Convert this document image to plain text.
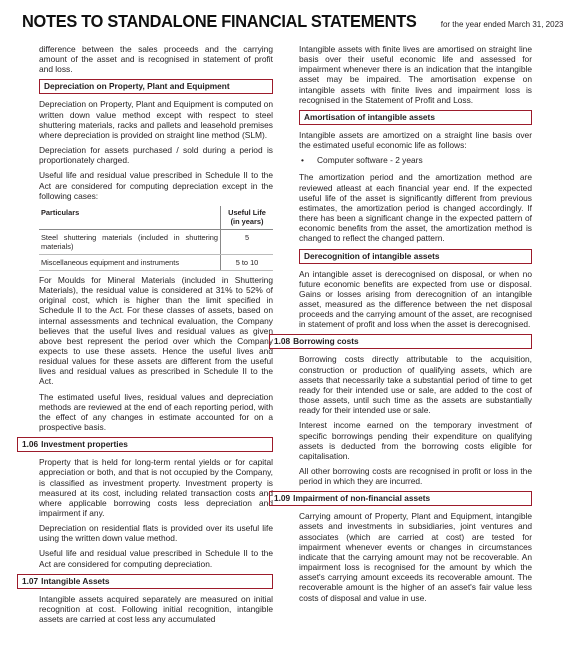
NOTES TO STANDALONE FINANCIAL STATEMENTS	for the year ended March 31, 2023

difference between the sales proceeds and the carrying amount of the asset and is recognised in statement of profit and loss.

Depreciation on Property, Plant and Equipment

Depreciation on Property, Plant and Equipment is computed on written down value method except with respect to steel shuttering materials, racks and pallets and leasehold premises where depreciation is provided on straight line method (SLM).

Depreciation for assets purchased / sold during a period is proportionately charged.

Useful life and residual value prescribed in Schedule II to the Act are considered for computing depreciation except in the following cases:

Particulars	Useful Life (in years)
Steel shuttering materials (included in shuttering materials)	5
Miscellaneous equipment and instruments	5 to 10

For Moulds for Mineral Materials (included in Shuttering Materials), the residual value is considered at 31% to 52% of original cost, which is higher than the limit specified in Schedule II to the Act. For these classes of assets, based on internal assessments and technical evaluation, the Company believes that the useful lives and residual values as given above best represent the period over which the Company expects to use these assets. Hence the useful lives and residual values for these assets are different from the useful lives and residual values as prescribed in Schedule II to the Act.

The estimated useful lives, residual values and depreciation methods are reviewed at the end of each reporting period, with the effect of any changes in estimate accounted for on a prospective basis.

1.06 Investment properties

Property that is held for long-term rental yields or for capital appreciation or both, and that is not occupied by the Company, is classified as investment property. Investment property is measured at its cost, including related transaction costs and where applicable borrowing costs less depreciation and impairment if any.

Depreciation on residential flats is provided over its useful life using the written down value method.

Useful life and residual value prescribed in Schedule II to the Act are considered for computing depreciation.

1.07 Intangible Assets

Intangible assets acquired separately are measured on initial recognition at cost. Following initial recognition, intangible assets are carried at cost less any accumulated

Intangible assets with finite lives are amortised on straight line basis over their useful economic life and assessed for impairment whenever there is an indication that the intangible asset may be impaired. The amortisation expense on intangible assets with finite lives and impairment loss is recognised in the Statement of Profit and Loss.

Amortisation of intangible assets

Intangible assets are amortized on a straight line basis over the estimated useful economic life as follows:

• Computer software - 2 years

The amortization period and the amortization method are reviewed atleast at each financial year end. If the expected useful life of the asset is significantly different from previous estimates, the amortization period is changed accordingly. If there has been a significant change in the expected pattern of economic benefits from the asset, the amortization method is changed to reflect the changed pattern.

Derecognition of intangible assets

An intangible asset is derecognised on disposal, or when no future economic benefits are expected from use or disposal. Gains or losses arising from derecognition of an intangible asset, measured as the difference between the net disposal proceeds and the carrying amount of the asset, are recognised in statement of profit and loss when the asset is derecognised.

1.08 Borrowing costs

Borrowing costs directly attributable to the acquisition, construction or production of qualifying assets, which are assets that necessarily take a substantial period of time to get ready for their intended use or sale, are added to the cost of those assets, until such time as the assets are substantially ready for their intended use or sale.

Interest income earned on the temporary investment of specific borrowings pending their expenditure on qualifying assets is deducted from the borrowing costs eligible for capitalisation.

All other borrowing costs are recognised in profit or loss in the period in which they are incurred.

1.09 Impairment of non-financial assets

Carrying amount of Property, Plant and Equipment, intangible assets and investments in subsidiaries, joint ventures and associates (which are carried at cost) are tested for impairment whenever events or changes in circumstances indicate that the carrying amount may not be recoverable. An impairment loss is recognised for the amount by which the asset's carrying amount exceeds its recoverable amount. The recoverable amount is the higher of an asset's fair value less costs of disposal and value in use.
